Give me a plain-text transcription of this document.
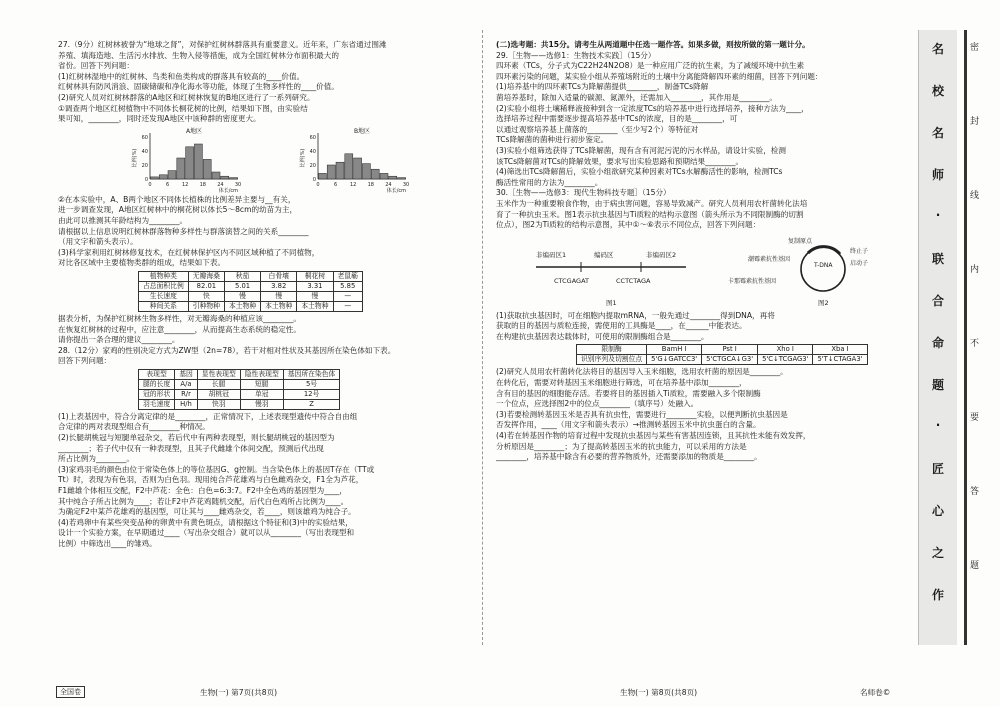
27.（9分）红树林被誉为“地球之肾”，对保护红树林群落具有重要意义。近年来，广东省通过围滩

养殖、填海造地、生活污水排放、生物入侵等措施，成为全国红树林分布面积最大的

省份。回答下列问题：

(1)红树林湿地中的红树林、鸟类和鱼类构成的群落具有较高的____价值。

红树林具有防风消浪、固碳储碳和净化海水等功能，体现了生物多样性的____价值。

(2)研究人员对红树林群落的A地区和红树林恢复的B地区进行了一系列研究。

①调查两个地区红树植物中不同体长桐花树的比例，结果如下图，由实验结

果可知，________，同时还发现A地区中该种群的密度更大。

0
20
40
60
0	6	12 18 24 30
A地区
比例(%)
体长/cm
0
20
40
60
0	6	12 18 24 30
B地区
比例(%)
体长/cm

②在本实验中，A、B两个地区不同体长植株的比例差异主要与__有关，

进一步调查发现，A地区红树林中的桐花树以体长5～8cm的幼苗为主，

由此可以推测其年龄结构为________。

请根据以上信息说明红树林群落物种多样性与群落演替之间的关系________

（用文字和箭头表示）。

(3)科学家利用红树林修复技术，在红树林保护区内不同区域种植了不同植物，

对比各区域中主要植物类群的组成，结果如下表。

植物种类	无瓣海桑	秋茄	白骨壤	桐花树	老鼠簕
占总面积比例	82.01	5.01	3.82	3.31	5.85
生长速度	快	慢	慢	慢	—
种间关系	引种物种	本土物种	本土物种	本土物种	—

据表分析，为保护红树林生物多样性，对无瓣海桑的种植应该________。

在恢复红树林的过程中，应注意________，从而提高生态系统的稳定性。

请你提出一条合理的建议________。

28.（12分）家鸡的性别决定方式为ZW型（2n=78），若干对相对性状及其基因所在染色体如下表。

回答下列问题：

表现型	基因	显性表现型	隐性表现型	基因所在染色体
腿的长度	A/a	长腿	短腿	5号
冠的形状	R/r	胡桃冠	单冠	12号
羽毛速度	H/h	快羽	慢羽	Z

(1)上表基因中，符合分离定律的是________，正常情况下，上述表现型遗传中符合自由组

合定律的两对表现型组合有________种情况。

(2)长腿胡桃冠与短腿单冠杂交，若后代中有两种表现型，则长腿胡桃冠的基因型为

________；若子代中仅有一种表现型，且其子代雌雄个体间交配，预测后代出现

所占比例为________。

(3)家鸡羽毛的颜色由位于常染色体上的等位基因G、g控制。当含染色体上的基因T存在（TT或

Tt）时，表现为有色羽，否则为白色羽。现用纯合芦花雄鸡与白色雌鸡杂交，F1全为芦花，

F1雌雄个体相互交配，F2中芦花：全色：白色=6:3:7。F2中全色鸡的基因型为____，

其中纯合子所占比例为____；若让F2中芦花鸡随机交配，后代白色鸡所占比例为____。

为确定F2中某芦花雄鸡的基因型，可让其与____雌鸡杂交，若____，则该雄鸡为纯合子。

(4)若鸡卵中有某些突变品种的卵黄中有黄色斑点，请根据这个特征和(3)中的实验结果，

设计一个实验方案，在早期通过____（写出杂交组合）就可以从________（写出表现型和

比例）中筛选出____的雏鸡。

(二)选考题：共15分。请考生从两道题中任选一题作答。如果多做，则按所做的第一题计分。

29.［生物——选修1：生物技术实践］（15分）

四环素（TCs，分子式为C22H24N2O8）是一种应用广泛的抗生素，为了减缓环境中抗生素

四环素污染的问题，某实验小组从养殖场附近的土壤中分离能降解四环素的细菌，回答下列问题：

(1)培养基中的四环素TCs为降解菌提供________，制备TCs降解

菌培养基时，除加入适量的碳源、氮源外，还需加入________，其作用是________。

(2)实验小组将土壤稀释液接种到含一定浓度TCs的培养基中进行选择培养，接种方法为____，

选择培养过程中需要逐步提高培养基中TCs的浓度，目的是________，可

以通过观察培养基上菌落的________（至少写2个）等特征对

TCs降解菌的菌种进行初步鉴定。

(3)实验小组筛选获得了TCs降解菌，现有含有河泥污泥的污水样品，请设计实验，检测

该TCs降解菌对TCs的降解效果，要求写出实验思路和预期结果________。

(4)筛选出TCs降解菌后，实验小组欲研究某种因素对TCs水解酶活性的影响，检测TCs

酶活性常用的方法为________。

30.［生物——选修3：现代生物科技专题］（15分）

玉米作为一种重要粮食作物，由于病虫害问题，容易导致减产。研究人员利用农杆菌转化法培

育了一种抗虫玉米。图1表示抗虫基因与Ti质粒的结构示意图（箭头所示为不同限制酶的切割

位点），图2为Ti质粒的结构示意图，其中①～⑥表示不同位点，回答下列问题：

非编码区1	编码区	非编码区2
CTCGAGAT	CCTCTAGA
图1
T-DNA
复制原点
卡那霉素抗性基因
终止子
启动子
潮霉素抗性基因
图2

(1)获取抗虫基因时，可在细胞内提取mRNA，一般先通过________得到DNA，再将

获取的目的基因与质粒连接，需使用的工具酶是____，在______中能表达。

在构建抗虫基因表达载体时，可使用的限制酶组合是________。

限制酶	BamH I	Pst I	Xho I	Xba I
识别序列及切割位点	5'G↓GATCC3'	5'CTGCA↓G3'	5'C↓TCGAG3'	5'T↓CTAGA3'

(2)研究人员用农杆菌转化法将目的基因导入玉米细胞，选用农杆菌的原因是________。

在转化后，需要对转基因玉米细胞进行筛选，可在培养基中添加________，

含有目的基因的细胞能存活。若要将目的基因插入Ti质粒，需要融入多个限制酶

一个位点，应选择图2中的位点________（填序号）处融入。

(3)若要检测转基因玉米是否具有抗虫性，需要进行________实验，以便判断抗虫基因是

否发挥作用，____（用文字和箭头表示）→推测转基因玉米中抗虫蛋白的含量。

(4)若在转基因作物的培育过程中发现抗虫基因与某些有害基因连锁，且其抗性未能有效发挥，

分析原因是________；为了提高转基因玉米的抗虫能力，可以采用的方法是

________，培养基中除含有必要的营养物质外，还需要添加的物质是________。

全国卷	生物(一) 第7页(共8页)	生物(一) 第8页(共8页)	名师卷©
名
校
名
师
·
联
合
命
题
·
匠
心
之
作
密
封
线
内
不
要
答
题
